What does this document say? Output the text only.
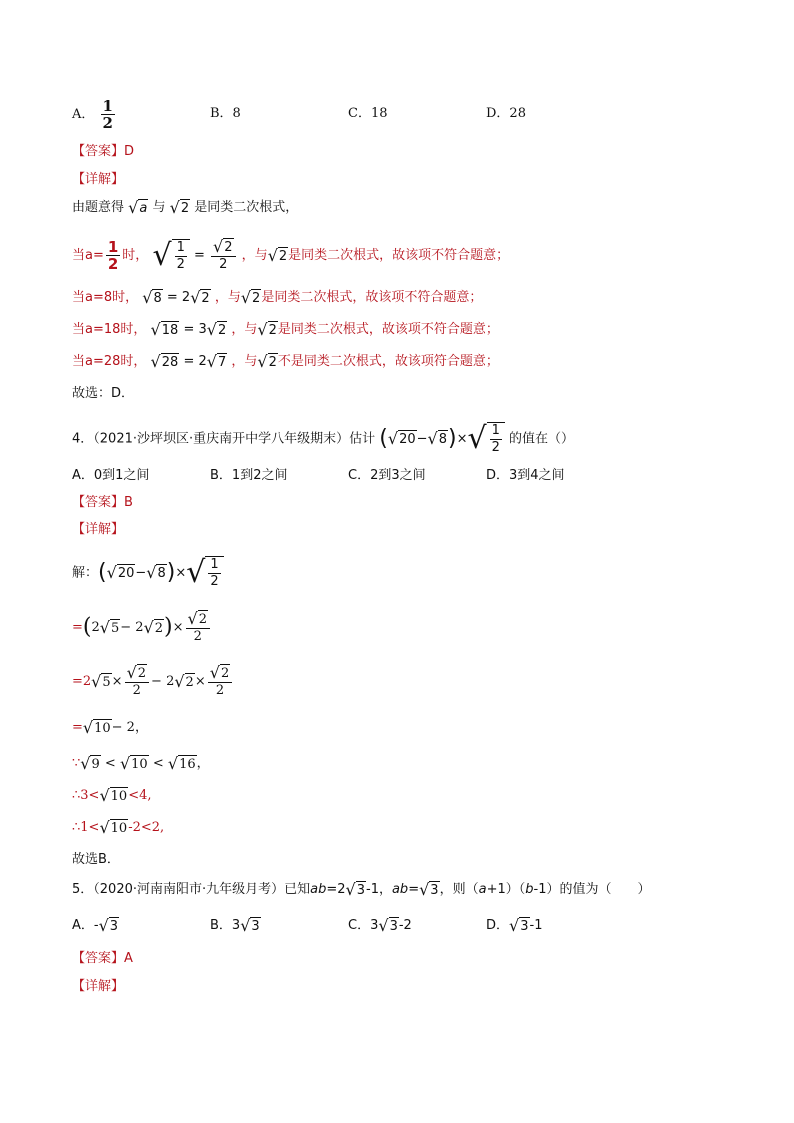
A． $\frac{1}{2}$	B．8	C．18	D．28
【答案】D
【详解】
由题意得 √ a 与 √ 2 是同类二次根式，
当$a= \frac{1}{2}$ 时， √ $\frac{1}{2} = \frac{√ 2}{2}$ ，与 √ 2 是同类二次根式，故该项不符合题意；
当a=8时， √ 8 = 2 √ 2 ，与 √ 2 是同类二次根式，故该项不符合题意；
当a=18时， √ 18 = 3 √ 2 ，与 √ 2 是同类二次根式，故该项不符合题意；
当a=28时， √ 28 = 2 √ 7 ，与 √ 2 不是同类二次根式，故该项符合题意；
故选：D．
4．（2021·沙坪坝区·重庆南开中学八年级期末）估计 ( √ 20 − √ 8 )× √ $\frac{1}{2}$ 的值在（）
A．0到1之间	B．1到2之间	C．2到3之间	D．3到4之间
【答案】B
【详解】
解：( √ 20 − √ 8 )× √ $\frac{1}{2}$
=(2 √ 5 − 2 √ 2 )× $\frac{√ 2}{2}$
=2 √ $5 \times \frac{√ 2}{2} - 2$ √ $2 \times \frac{√ 2}{2}$
= √ 10 − 2，
∵ √ 9 < √ 10 < √ 16 ，
∴3< √ 10 <4,
∴1< √ 10 -2<2,
故选B．
5．（2020·河南南阳市·九年级月考）已知ab=2 √ 3 -1，ab= √ 3 ，则（a+1）（b-1）的值为（　　）
A．- √ 3	B．3 √ 3	C．3 √ 3 -2	D． √ 3 -1
【答案】A
【详解】
